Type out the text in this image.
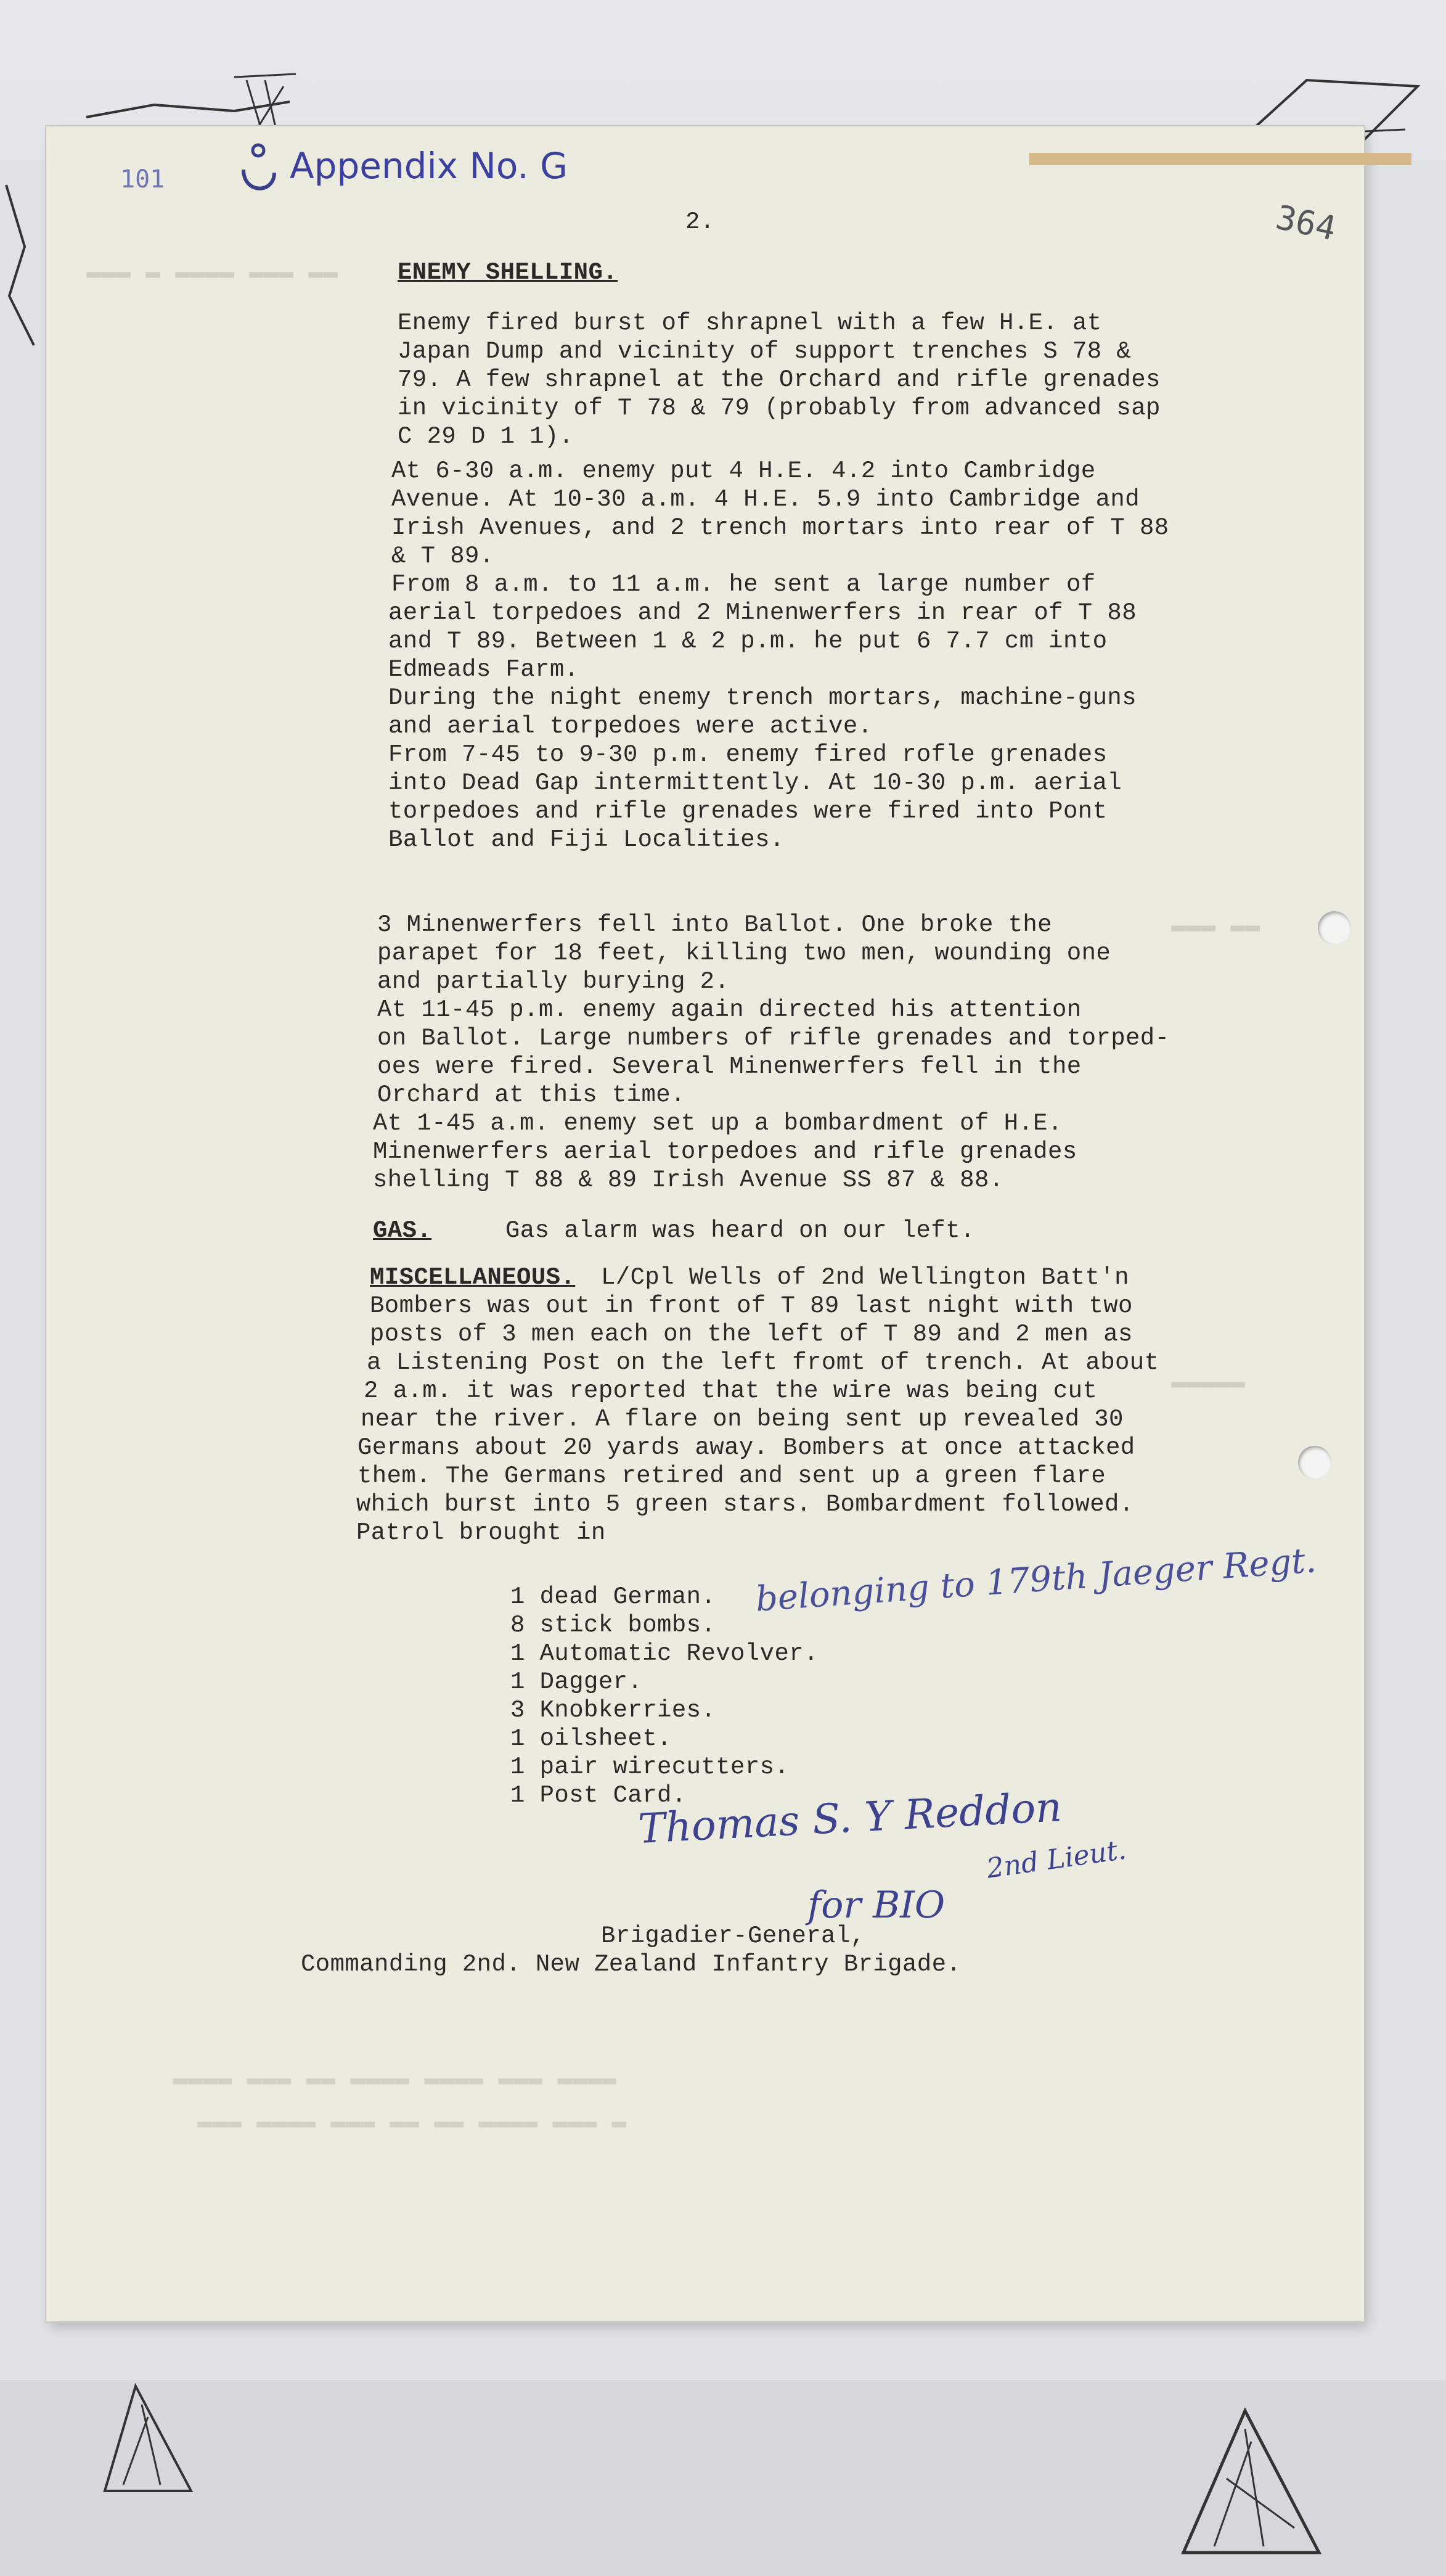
▬▬▬ ▬ ▬▬▬▬ ▬▬▬ ▬▬
▬▬▬ ▬▬
▬▬▬▬▬
▬▬▬▬ ▬▬▬ ▬▬ ▬▬▬▬ ▬▬▬▬ ▬▬▬ ▬▬▬▬
▬▬▬ ▬▬▬▬ ▬▬▬ ▬▬ ▬▬ ▬▬▬▬ ▬▬▬ ▬
101	Appendix No. G
2.	364
ENEMY SHELLING.
Enemy fired burst of shrapnel with a few H.E. at
Japan Dump and vicinity of support trenches S 78 &
79. A few shrapnel at the Orchard and rifle grenades
in vicinity of T 78 & 79 (probably from advanced sap
C 29 D 1 1).
At 6-30 a.m. enemy put 4 H.E. 4.2 into Cambridge
Avenue. At 10-30 a.m. 4 H.E. 5.9 into Cambridge and
Irish Avenues, and 2 trench mortars into rear of T 88
& T 89.
From 8 a.m. to 11 a.m. he sent a large number of
aerial torpedoes and 2 Minenwerfers in rear of T 88
and T 89. Between 1 & 2 p.m. he put 6 7.7 cm into
Edmeads Farm.
During the night enemy trench mortars, machine-guns
and aerial torpedoes were active.
From 7-45 to 9-30 p.m. enemy fired rofle grenades
into Dead Gap intermittently. At 10-30 p.m. aerial
torpedoes and rifle grenades were fired into Pont
Ballot and Fiji Localities.
3 Minenwerfers fell into Ballot. One broke the
parapet for 18 feet, killing two men, wounding one
and partially burying 2.
At 11-45 p.m. enemy again directed his attention
on Ballot. Large numbers of rifle grenades and torped-
oes were fired. Several Minenwerfers fell in the
Orchard at this time.
At 1-45 a.m. enemy set up a bombardment of H.E.
Minenwerfers aerial torpedoes and rifle grenades
shelling T 88 & 89 Irish Avenue SS 87 & 88.
GAS.	Gas alarm was heard on our left.
MISCELLANEOUS. L/Cpl Wells of 2nd Wellington Batt'n
Bombers was out in front of T 89 last night with two
posts of 3 men each on the left of T 89 and 2 men as
a Listening Post on the left fromt of trench. At about
2 a.m. it was reported that the wire was being cut
near the river. A flare on being sent up revealed 30
Germans about 20 yards away. Bombers at once attacked
them. The Germans retired and sent up a green flare
which burst into 5 green stars. Bombardment followed.
Patrol brought in
1 dead German.
8 stick bombs.
1 Automatic Revolver.
1 Dagger.
3 Knobkerries.
1 oilsheet.
1 pair wirecutters.
1 Post Card.
belonging to 179th Jaeger Regt.
Thomas S. Y Reddon
2nd Lieut.
for BIO
Brigadier-General,
Commanding 2nd. New Zealand Infantry Brigade.
